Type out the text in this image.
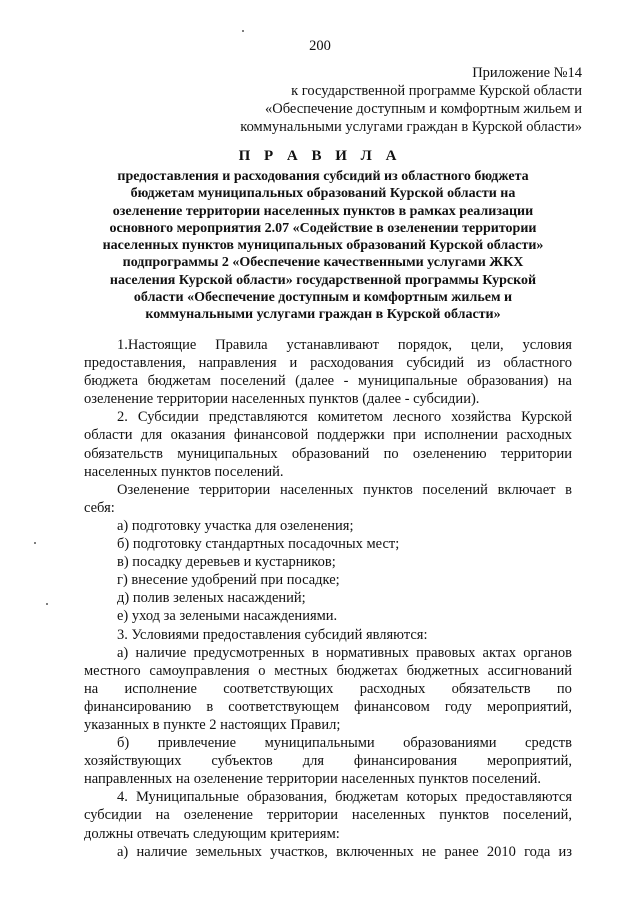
200
Приложение №14
к государственной программе Курской области
«Обеспечение доступным и комфортным жильем и
коммунальными услугами граждан в Курской области»
П Р А В И Л А
предоставления и расходования субсидий из областного бюджета
бюджетам муниципальных образований Курской области на
озеленение территории населенных пунктов в рамках реализации
основного мероприятия 2.07 «Содействие в озеленении территории
населенных пунктов муниципальных образований Курской области»
подпрограммы 2 «Обеспечение качественными услугами ЖКХ
населения Курской области» государственной программы Курской
области «Обеспечение доступным и комфортным жильем и
коммунальными услугами граждан в Курской области»
1.Настоящие Правила устанавливают порядок, цели, условия

предоставления, направления и расходования субсидий из областного

бюджета бюджетам поселений (далее - муниципальные образования) на

озеленение территории населенных пунктов (далее - субсидии).

2. Субсидии представляются комитетом лесного хозяйства Курской

области для оказания финансовой поддержки при исполнении расходных

обязательств муниципальных образований по озеленению территории

населенных пунктов поселений.

Озеленение территории населенных пунктов поселений включает в

себя:

а) подготовку участка для озеленения;

б) подготовку стандартных посадочных мест;

в) посадку деревьев и кустарников;

г) внесение удобрений при посадке;

д) полив зеленых насаждений;

е) уход за зелеными насаждениями.

3. Условиями предоставления субсидий являются:

а) наличие предусмотренных в нормативных правовых актах органов

местного самоуправления о местных бюджетах бюджетных ассигнований

на исполнение соответствующих расходных обязательств по

финансированию в соответствующем финансовом году мероприятий,

указанных в пункте 2 настоящих Правил;

б) привлечение муниципальными образованиями средств
хозяйствующих субъектов для финансирования мероприятий,

направленных на озеленение территории населенных пунктов поселений.

4. Муниципальные образования, бюджетам которых предоставляются

субсидии на озеленение территории населенных пунктов поселений,

должны отвечать следующим критериям:

а) наличие земельных участков, включенных не ранее 2010 года из
